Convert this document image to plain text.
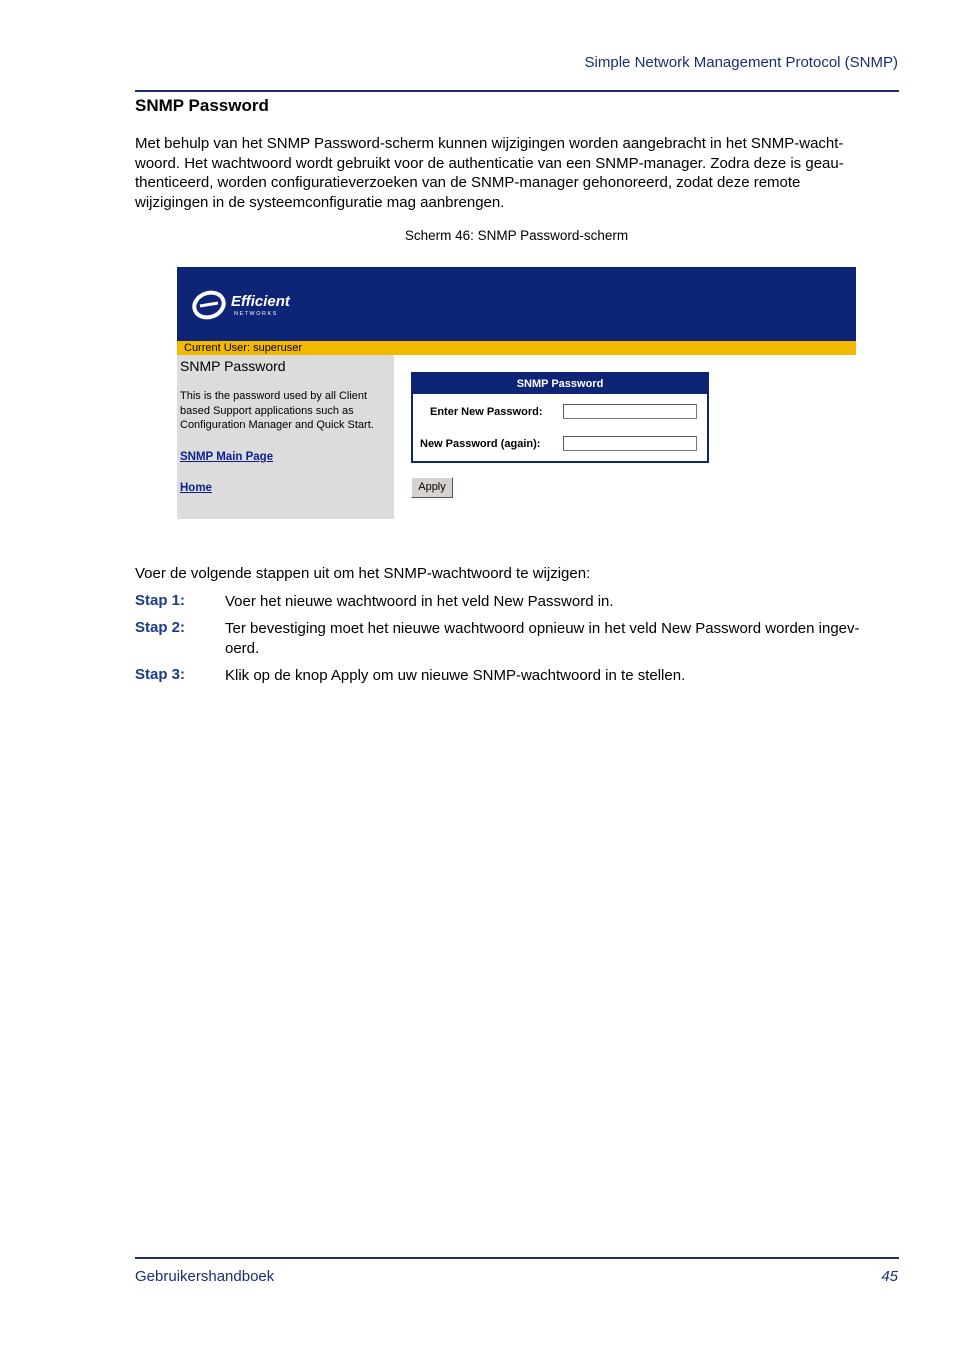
Simple Network Management Protocol (SNMP)
SNMP Password
Met behulp van het SNMP Password-scherm kunnen wijzigingen worden aangebracht in het SNMP-wacht-
woord. Het wachtwoord wordt gebruikt voor de authenticatie van een SNMP-manager. Zodra deze is geau-
thenticeerd, worden configuratieverzoeken van de SNMP-manager gehonoreerd, zodat deze remote
wijzigingen in de systeemconfiguratie mag aanbrengen.
Scherm 46: SNMP Password-scherm
Efficient
NETWORKS
Current User: superuser
SNMP Password
This is the password used by all Client
based Support applications such as
Configuration Manager and Quick Start.
SNMP Main Page
Home
SNMP Password
Enter New Password:
New Password (again):
Apply
Voer de volgende stappen uit om het SNMP-wachtwoord te wijzigen:
Stap 1:	Voer het nieuwe wachtwoord in het veld New Password in.
Stap 2:	Ter bevestiging moet het nieuwe wachtwoord opnieuw in het veld New Password worden ingev-
oerd.
Stap 3:	Klik op de knop Apply om uw nieuwe SNMP-wachtwoord in te stellen.
Gebruikershandboek	45
